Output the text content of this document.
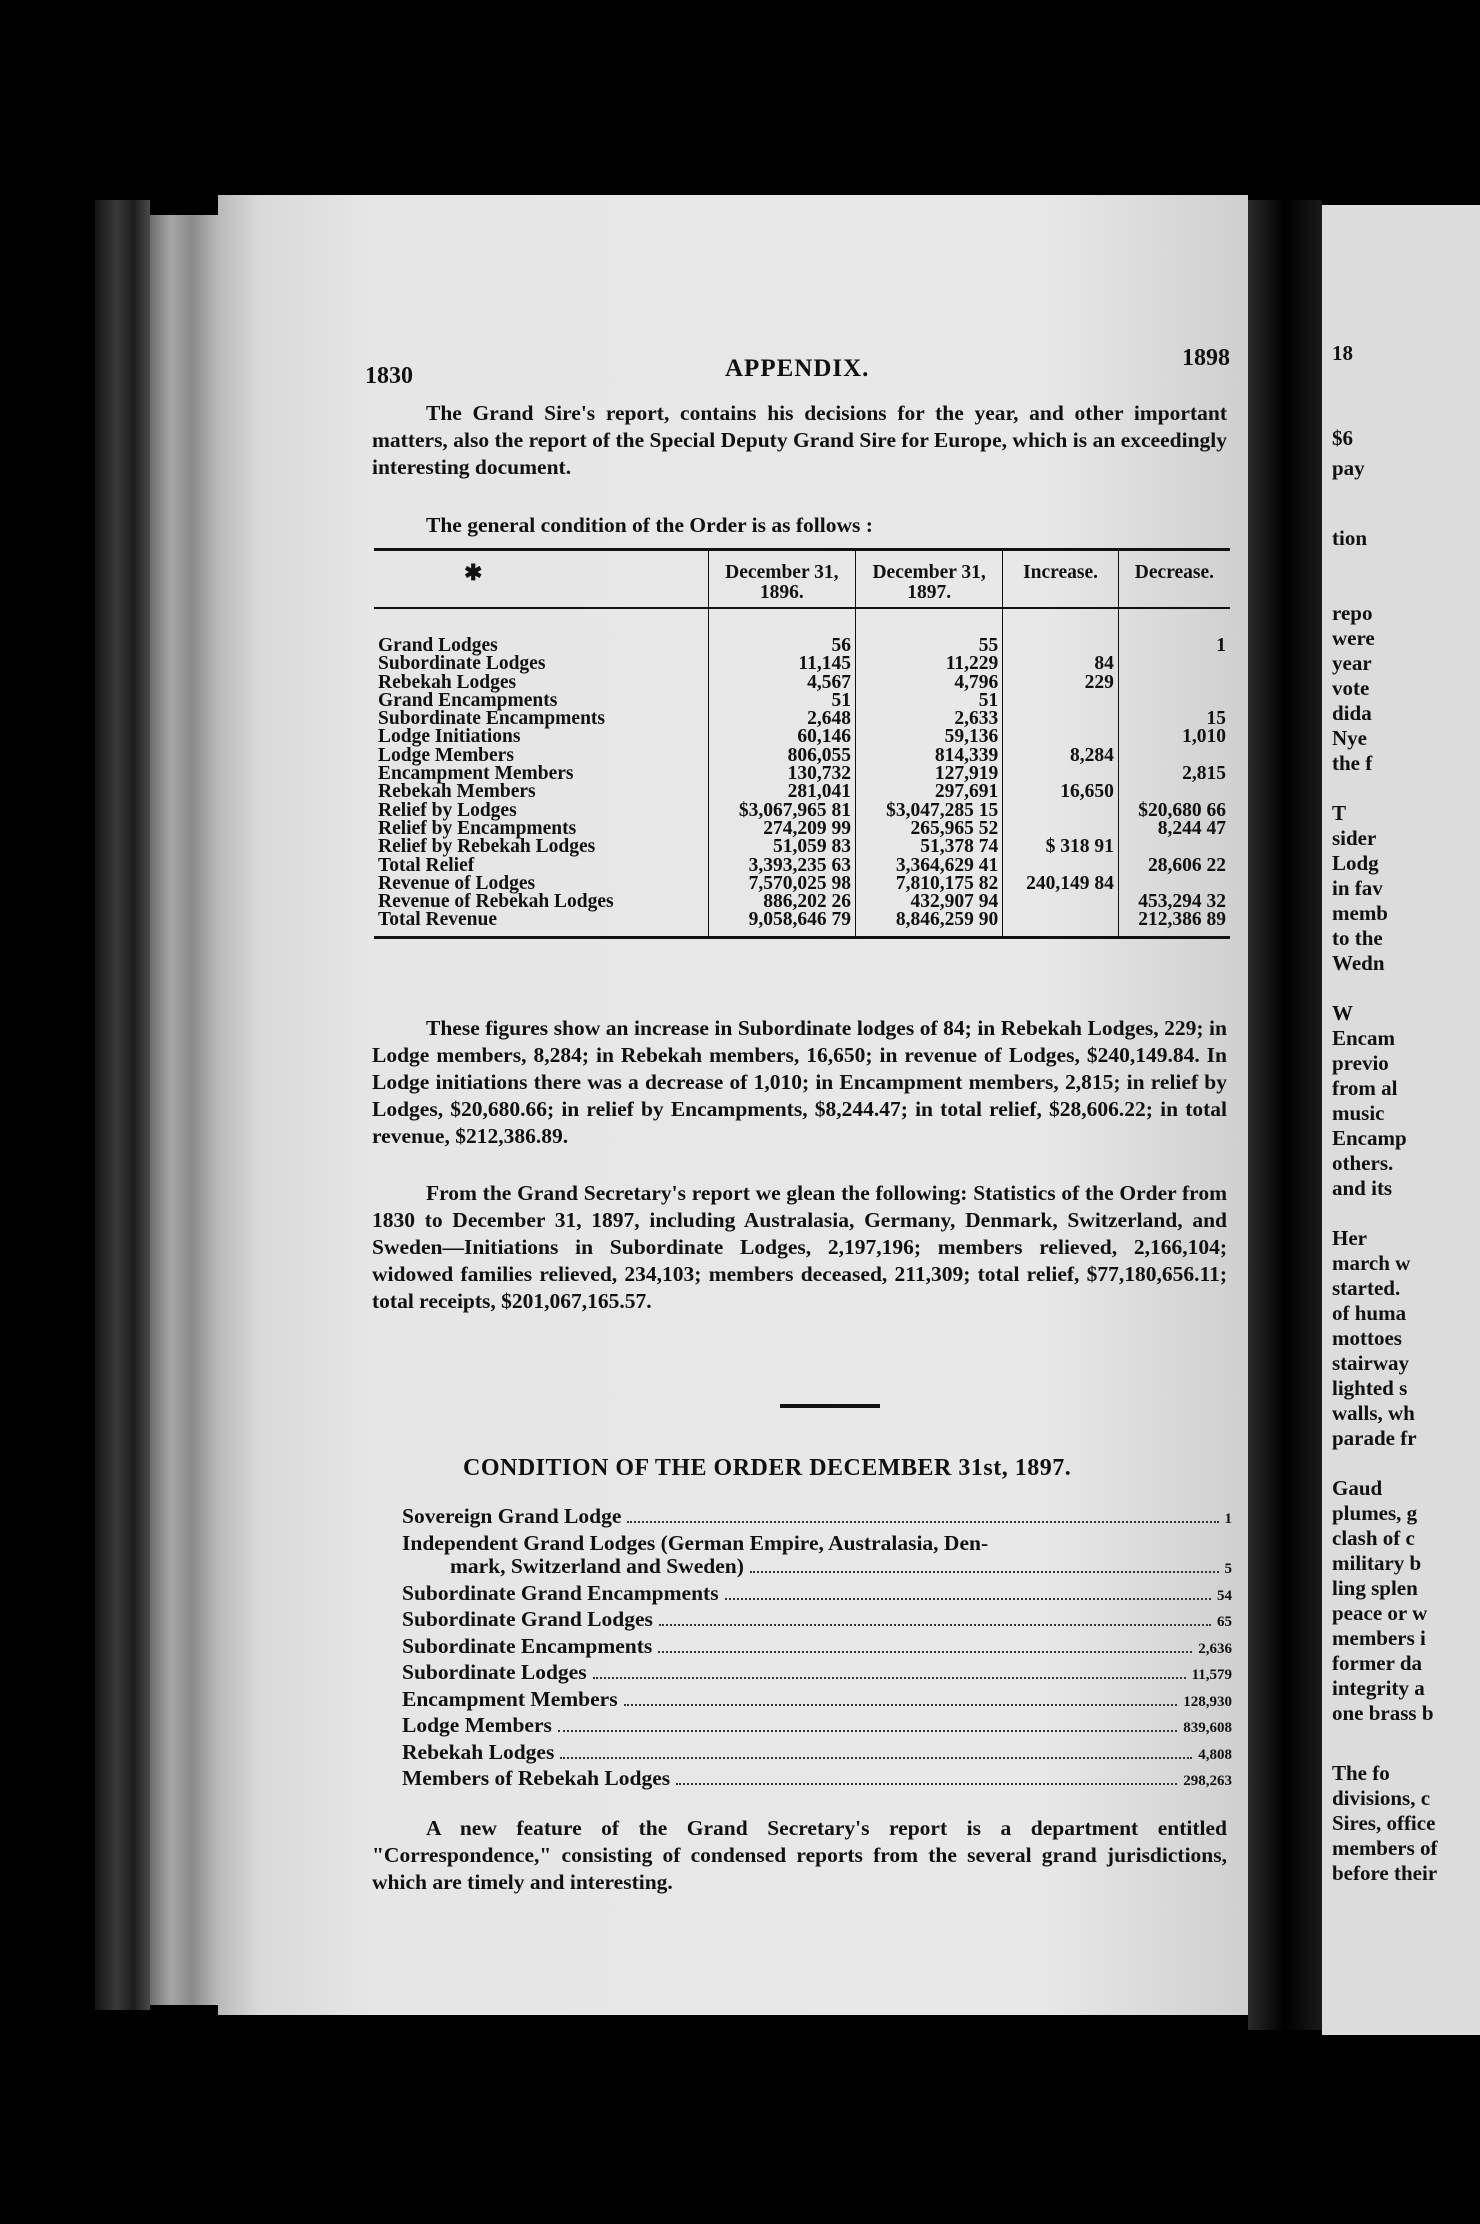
18
$6
pay
tion
repo
were
year
vote
dida
Nye
the f
T
sider
Lodg
in fav
memb
to the
Wedn
W
Encam
previo
from al
music
Encamp
others.
and its
Her
march w
started.
of huma
mottoes
stairway
lighted s
walls, wh
parade fr
Gaud
plumes, g
clash of c
military b
ling splen
peace or w
members i
former da
integrity a
one brass b
The fo
divisions, c
Sires, office
members of
before their
1830	APPENDIX.	1898

The Grand Sire's report, contains his decisions for the year, and other important matters, also the report of the Special Deputy Grand Sire for Europe, which is an exceedingly interesting document.

The general condition of the Order is as follows :

✱	December 31, 1896.	December 31, 1897.	Increase.	Decrease.
Grand Lodges	56	55		1
Subordinate Lodges	11,145	11,229	84	
Rebekah Lodges	4,567	4,796	229	
Grand Encampments	51	51		
Subordinate Encampments	2,648	2,633		15
Lodge Initiations	60,146	59,136		1,010
Lodge Members	806,055	814,339	8,284	
Encampment Members	130,732	127,919		2,815
Rebekah Members	281,041	297,691	16,650	
Relief by Lodges	$3,067,965 81	$3,047,285 15		$20,680 66
Relief by Encampments	274,209 99	265,965 52		8,244 47
Relief by Rebekah Lodges	51,059 83	51,378 74	$ 318 91	
Total Relief	3,393,235 63	3,364,629 41		28,606 22
Revenue of Lodges	7,570,025 98	7,810,175 82	240,149 84	
Revenue of Rebekah Lodges	886,202 26	432,907 94		453,294 32
Total Revenue	9,058,646 79	8,846,259 90		212,386 89

These figures show an increase in Subordinate lodges of 84; in Rebekah Lodges, 229; in Lodge members, 8,284; in Rebekah members, 16,650; in revenue of Lodges, $240,149.84. In Lodge initiations there was a decrease of 1,010; in Encampment members, 2,815; in relief by Lodges, $20,680.66; in relief by Encampments, $8,244.47; in total relief, $28,606.22; in total revenue, $212,386.89.

From the Grand Secretary's report we glean the following: Statistics of the Order from 1830 to December 31, 1897, including Australasia, Germany, Denmark, Switzerland, and Sweden—Initiations in Subordinate Lodges, 2,197,196; members relieved, 2,166,104; widowed families relieved, 234,103; members deceased, 211,309; total relief, $77,180,656.11; total receipts, $201,067,165.57.

CONDITION OF THE ORDER DECEMBER 31st, 1897.
Sovereign Grand Lodge	1
Independent Grand Lodges (German Empire, Australasia, Den-
mark, Switzerland and Sweden)	5
Subordinate Grand Encampments	54
Subordinate Grand Lodges	65
Subordinate Encampments	2,636
Subordinate Lodges	11,579
Encampment Members	128,930
Lodge Members	839,608
Rebekah Lodges	4,808
Members of Rebekah Lodges	298,263

A new feature of the Grand Secretary's report is a department entitled "Correspondence," consisting of condensed reports from the several grand jurisdictions, which are timely and interesting.
